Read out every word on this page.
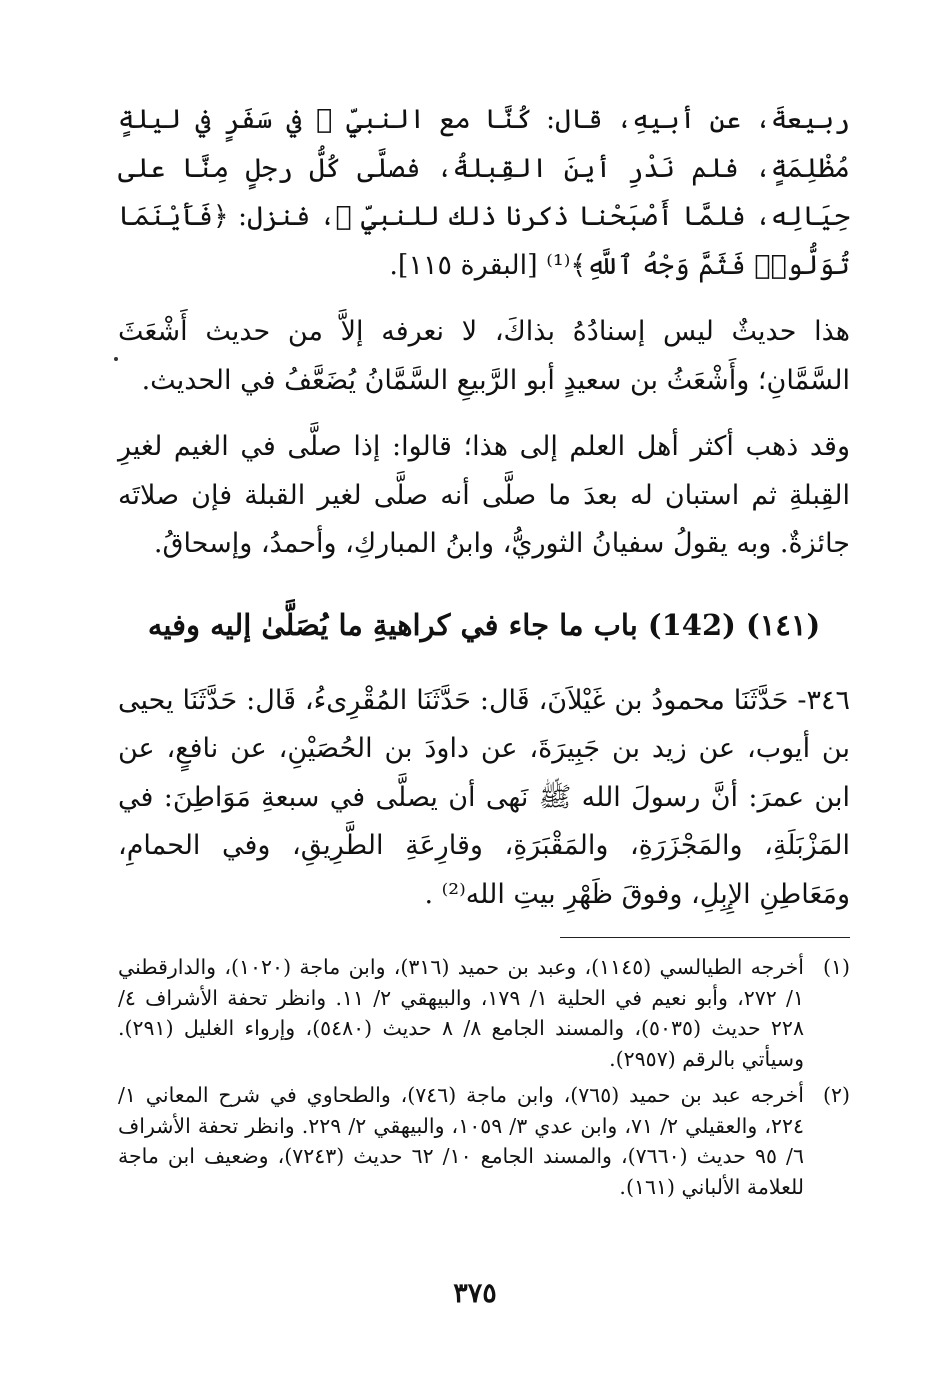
ربيعةَ، عن أبيهِ، قال: كُنَّا مع النبيِّ ﷺ في سَفَرٍ في ليلةٍ مُظْلِمَةٍ، فلم نَدْرِ أينَ القِبلةُ، فصلَّى كُلُّ رجلٍ مِنَّا على حِيَالِه، فلمَّا أَصْبَحْنا ذكرنا ذلك للنبيِّ ﷺ، فنزل: ﴿فَأَيْنَمَا تُوَلُّوا۟ فَثَمَّ وَجْهُ ٱللَّهِ﴾⁽¹⁾ [البقرة ١١٥].

هذا حديثٌ ليس إسنادُهُ بذاكَ، لا نعرفه إلاَّ من حديث أَشْعَثَ السَّمَّانِ؛ وأَشْعَثُ بن سعيدٍ أبو الرَّبيعِ السَّمَّانُ يُضَعَّفُ في الحديث.

وقد ذهب أكثر أهل العلم إلى هذا؛ قالوا: إذا صلَّى في الغيم لغيرِ القِبلةِ ثم استبان له بعدَ ما صلَّى أنه صلَّى لغير القبلة فإن صلاتَه جائزةٌ. وبه يقولُ سفيانُ الثوريُّ، وابنُ المباركِ، وأحمدُ، وإسحاقُ.

(١٤١) (142) باب ما جاء في كراهيةِ ما يُصَلَّىٰ إليه وفيه

٣٤٦- حَدَّثَنَا محمودُ بن غَيْلاَنَ، قَال: حَدَّثَنَا المُقْرِىءُ، قَال: حَدَّثَنَا يحيى بن أيوب، عن زيد بن جَبِيرَةَ، عن داودَ بن الحُصَيْنِ، عن نافعٍ، عن ابن عمرَ: أنَّ رسولَ الله ﷺ نَهى أن يصلَّى في سبعةِ مَوَاطِنَ: في المَزْبَلَةِ، والمَجْزَرَةِ، والمَقْبَرَةِ، وقارِعَةِ الطَّرِيقِ، وفي الحمامِ، ومَعَاطِنِ الإِبِلِ، وفوقَ ظَهْرِ بيتِ الله⁽²⁾ .

(١)
أخرجه الطيالسي (١١٤٥)، وعبد بن حميد (٣١٦)، وابن ماجة (١٠٢٠)، والدارقطني ١/ ٢٧٢، وأبو نعيم في الحلية ١/ ١٧٩، والبيهقي ٢/ ١١. وانظر تحفة الأشراف ٤/ ٢٢٨ حديث (٥٠٣٥)، والمسند الجامع ٨/ ٨ حديث (٥٤٨٠)، وإرواء الغليل (٢٩١). وسيأتي بالرقم (٢٩٥٧).
(٢)
أخرجه عبد بن حميد (٧٦٥)، وابن ماجة (٧٤٦)، والطحاوي في شرح المعاني ١/ ٢٢٤، والعقيلي ٢/ ٧١، وابن عدي ٣/ ١٠٥٩، والبيهقي ٢/ ٢٢٩. وانظر تحفة الأشراف ٦/ ٩٥ حديث (٧٦٦٠)، والمسند الجامع ١٠/ ٦٢ حديث (٧٢٤٣)، وضعيف ابن ماجة للعلامة الألباني (١٦١).
٣٧٥
